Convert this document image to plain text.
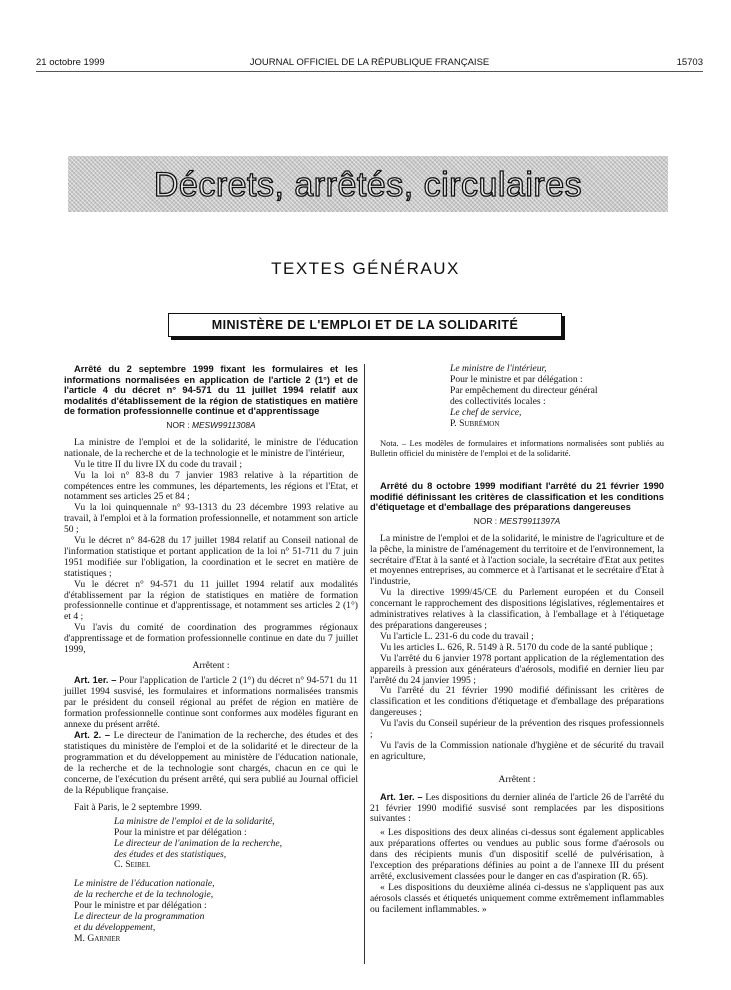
21 octobre 1999	JOURNAL OFFICIEL DE LA RÉPUBLIQUE FRANÇAISE	15703
Décrets, arrêtés, circulaires
TEXTES GÉNÉRAUX
MINISTÈRE DE L'EMPLOI ET DE LA SOLIDARITÉ

Arrêté du 2 septembre 1999 fixant les formulaires et les informations normalisées en application de l'article 2 (1°) et de l'article 4 du décret n° 94-571 du 11 juillet 1994 relatif aux modalités d'établissement de la région de statistiques en matière de formation professionnelle continue et d'apprentissage

NOR : MESW9911308A

La ministre de l'emploi et de la solidarité, le ministre de l'éducation nationale, de la recherche et de la technologie et le ministre de l'intérieur,

Vu le titre II du livre IX du code du travail ;

Vu la loi n° 83-8 du 7 janvier 1983 relative à la répartition de compétences entre les communes, les départements, les régions et l'Etat, et notamment ses articles 25 et 84 ;

Vu la loi quinquennale n° 93-1313 du 23 décembre 1993 relative au travail, à l'emploi et à la formation professionnelle, et notamment son article 50 ;

Vu le décret n° 84-628 du 17 juillet 1984 relatif au Conseil national de l'information statistique et portant application de la loi n° 51-711 du 7 juin 1951 modifiée sur l'obligation, la coordination et le secret en matière de statistiques ;

Vu le décret n° 94-571 du 11 juillet 1994 relatif aux modalités d'établissement par la région de statistiques en matière de formation professionnelle continue et d'apprentissage, et notamment ses articles 2 (1°) et 4 ;

Vu l'avis du comité de coordination des programmes régionaux d'apprentissage et de formation professionnelle continue en date du 7 juillet 1999,

Arrêtent :

Art. 1er. – Pour l'application de l'article 2 (1°) du décret n° 94-571 du 11 juillet 1994 susvisé, les formulaires et informations normalisées transmis par le président du conseil régional au préfet de région en matière de formation professionnelle continue sont conformes aux modèles figurant en annexe du présent arrêté.

Art. 2. – Le directeur de l'animation de la recherche, des études et des statistiques du ministère de l'emploi et de la solidarité et le directeur de la programmation et du développement au ministère de l'éducation nationale, de la recherche et de la technologie sont chargés, chacun en ce qui le concerne, de l'exécution du présent arrêté, qui sera publié au Journal officiel de la République française.

Fait à Paris, le 2 septembre 1999.

La ministre de l'emploi et de la solidarité,

Pour la ministre et par délégation :

Le directeur de l'animation de la recherche,

des études et des statistiques,

C. Seibel

Le ministre de l'éducation nationale,

de la recherche et de la technologie,

Pour le ministre et par délégation :

Le directeur de la programmation

et du développement,

M. Garnier

Le ministre de l'intérieur,

Pour le ministre et par délégation :

Par empêchement du directeur général

des collectivités locales :

Le chef de service,

P. Subrémon

Nota. – Les modèles de formulaires et informations normalisées sont publiés au Bulletin officiel du ministère de l'emploi et de la solidarité.

Arrêté du 8 octobre 1999 modifiant l'arrêté du 21 février 1990 modifié définissant les critères de classification et les conditions d'étiquetage et d'emballage des préparations dangereuses

NOR : MEST9911397A

La ministre de l'emploi et de la solidarité, le ministre de l'agriculture et de la pêche, la ministre de l'aménagement du territoire et de l'environnement, la secrétaire d'Etat à la santé et à l'action sociale, la secrétaire d'Etat aux petites et moyennes entreprises, au commerce et à l'artisanat et le secrétaire d'Etat à l'industrie,

Vu la directive 1999/45/CE du Parlement européen et du Conseil concernant le rapprochement des dispositions législatives, réglementaires et administratives relatives à la classification, à l'emballage et à l'étiquetage des préparations dangereuses ;

Vu l'article L. 231-6 du code du travail ;

Vu les articles L. 626, R. 5149 à R. 5170 du code de la santé publique ;

Vu l'arrêté du 6 janvier 1978 portant application de la réglementation des appareils à pression aux générateurs d'aérosols, modifié en dernier lieu par l'arrêté du 24 janvier 1995 ;

Vu l'arrêté du 21 février 1990 modifié définissant les critères de classification et les conditions d'étiquetage et d'emballage des préparations dangereuses ;

Vu l'avis du Conseil supérieur de la prévention des risques professionnels ;

Vu l'avis de la Commission nationale d'hygiène et de sécurité du travail en agriculture,

Arrêtent :

Art. 1er. – Les dispositions du dernier alinéa de l'article 26 de l'arrêté du 21 février 1990 modifié susvisé sont remplacées par les dispositions suivantes :

« Les dispositions des deux alinéas ci-dessus sont également applicables aux préparations offertes ou vendues au public sous forme d'aérosols ou dans des récipients munis d'un dispositif scellé de pulvérisation, à l'exception des préparations définies au point a de l'annexe III du présent arrêté, exclusivement classées pour le danger en cas d'aspiration (R. 65).

« Les dispositions du deuxième alinéa ci-dessus ne s'appliquent pas aux aérosols classés et étiquetés uniquement comme extrêmement inflammables ou facilement inflammables. »
